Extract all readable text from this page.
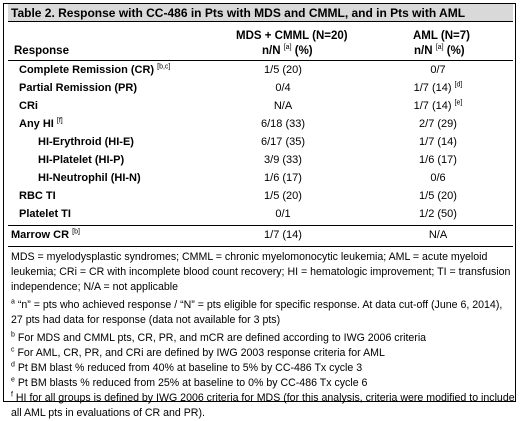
Table 2. Response with CC-486 in Pts with MDS and CMML, and in Pts with AML
MDS + CMML (N=20)	AML (N=7)
Response	n/N [a] (%)	n/N [a] (%)
Complete Remission (CR) [b,c]	1/5 (20)	0/7
Partial Remission (PR)	0/4	1/7 (14) [d]
CRi	N/A	1/7 (14) [e]
Any HI [f]	6/18 (33)	2/7 (29)
HI-Erythroid (HI-E)	6/17 (35)	1/7 (14)
HI-Platelet (HI-P)	3/9 (33)	1/6 (17)
HI-Neutrophil (HI-N)	1/6 (17)	0/6
RBC TI	1/5 (20)	1/5 (20)
Platelet TI	0/1	1/2 (50)
Marrow CR [b]	1/7 (14)	N/A

MDS = myelodysplastic syndromes; CMML = chronic myelomonocytic leukemia; AML = acute myeloid leukemia; CRi = CR with incomplete blood count recovery; HI = hematologic improvement; TI = transfusion independence; N/A = not applicable

$^a$ “n” = pts who achieved response / “N” = pts eligible for specific response. At data cut-off (June 6, 2014), 27 pts had data for response (data not available for 3 pts)

$^b$ For MDS and CMML pts, CR, PR, and mCR are defined according to IWG 2006 criteria

$^c$ For AML, CR, PR, and CRi are defined by IWG 2003 response criteria for AML

$^d$ Pt BM blast % reduced from 40% at baseline to 5% by CC-486 Tx cycle 3

$^e$ Pt BM blasts % reduced from 25% at baseline to 0% by CC-486 Tx cycle 6

$^f$ HI for all groups is defined by IWG 2006 criteria for MDS (for this analysis, criteria were modified to include all AML pts in evaluations of CR and PR).
